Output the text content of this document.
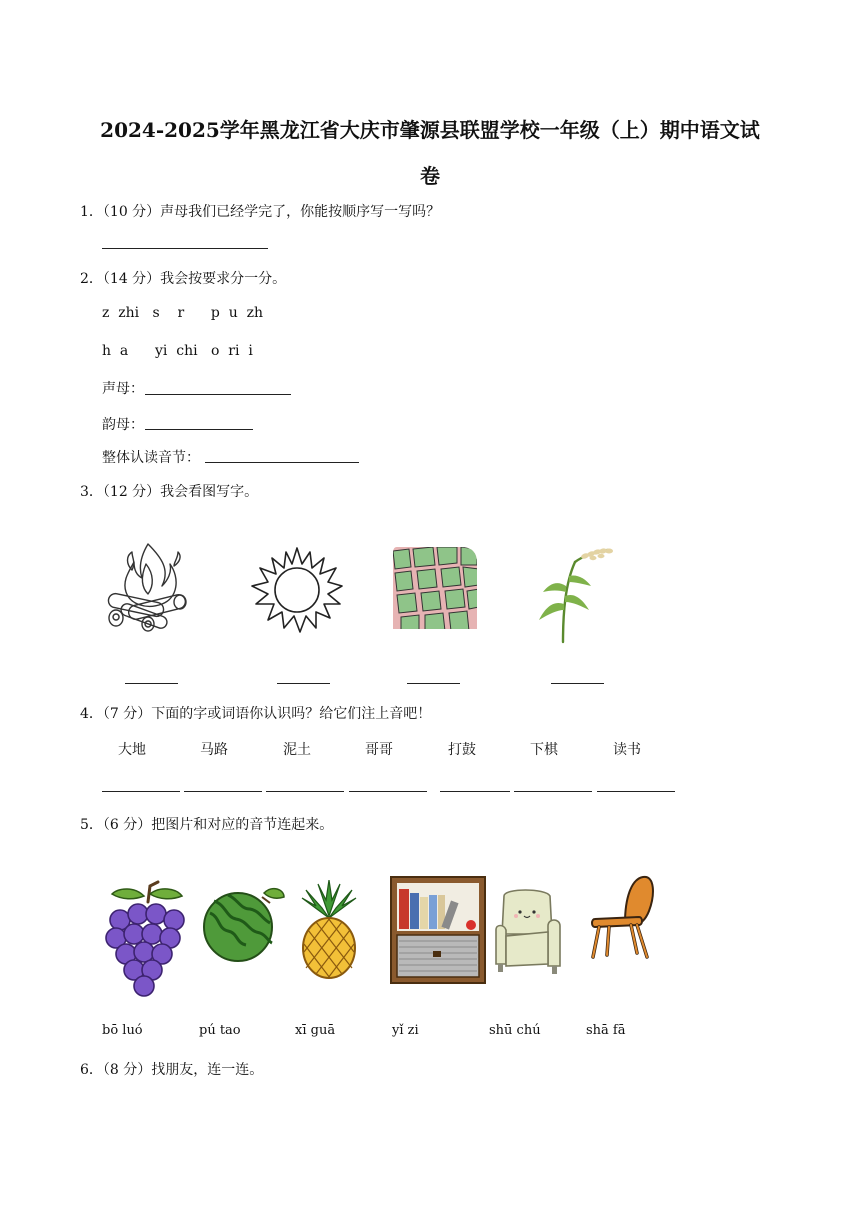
2024-2025学年黑龙江省大庆市肇源县联盟学校一年级（上）期中语文试
卷
1．（10 分）声母我们已经学完了，你能按顺序写一写吗？
2．（14 分）我会按要求分一分。
z  zhi   s    r      p  u  zh
h  a      yi  chi   o  ri  i
声母：
韵母：
整体认读音节：
3．（12 分）我会看图写字。
4．（7 分）下面的字或词语你认识吗？给它们注上音吧！
大地	马路	泥土	哥哥	打鼓	下棋	读书
5．（6 分）把图片和对应的音节连起来。
bō luó	pú tao	xī guā	yǐ zi	shū chú	shā fā
6．（8 分）找朋友，连一连。
